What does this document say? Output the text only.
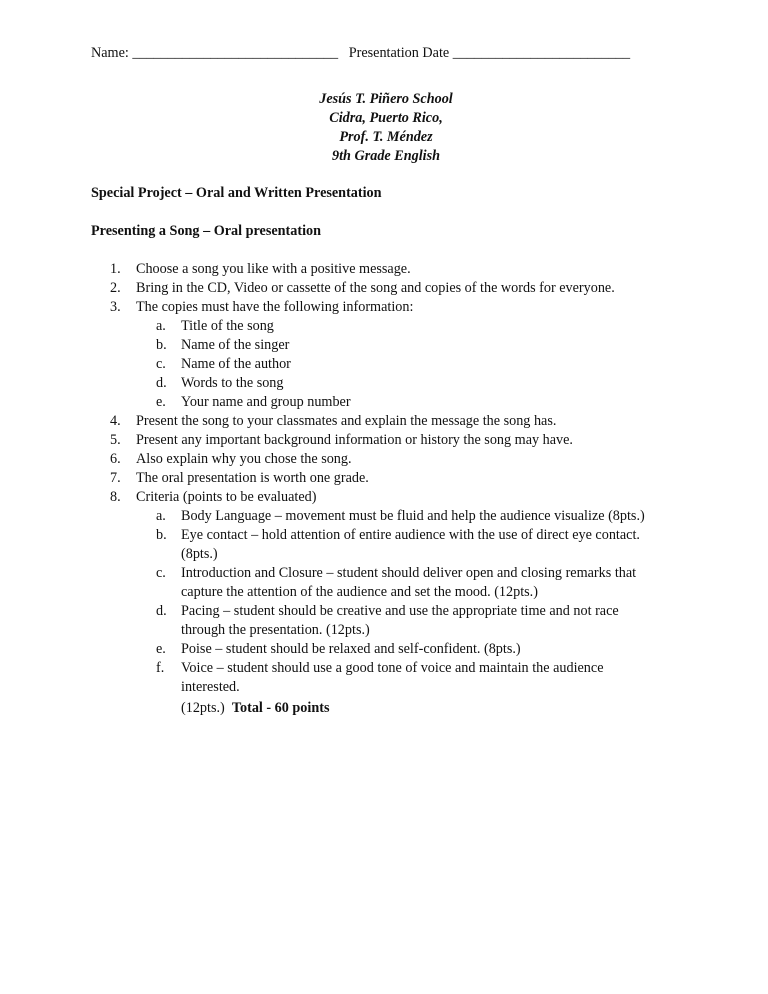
Name: _____________________________ Presentation Date _________________________
Jesús T. Piñero School
Cidra, Puerto Rico,
Prof. T. Méndez
9th Grade English
Special Project – Oral and Written Presentation
Presenting a Song – Oral presentation
1. Choose a song you like with a positive message.
2. Bring in the CD, Video or cassette of the song and copies of the words for everyone.
3. The copies must have the following information:
a. Title of the song
b. Name of the singer
c. Name of the author
d. Words to the song
e. Your name and group number
4. Present the song to your classmates and explain the message the song has.
5. Present any important background information or history the song may have.
6. Also explain why you chose the song.
7. The oral presentation is worth one grade.
8. Criteria (points to be evaluated)
a. Body Language – movement must be fluid and help the audience visualize (8pts.)
b. Eye contact – hold attention of entire audience with the use of direct eye contact.
(8pts.)
c. Introduction and Closure – student should deliver open and closing remarks that
capture the attention of the audience and set the mood. (12pts.)
d. Pacing – student should be creative and use the appropriate time and not race
through the presentation. (12pts.)
e. Poise – student should be relaxed and self-confident. (8pts.)
f. Voice – student should use a good tone of voice and maintain the audience
interested.
(12pts.) Total - 60 points
